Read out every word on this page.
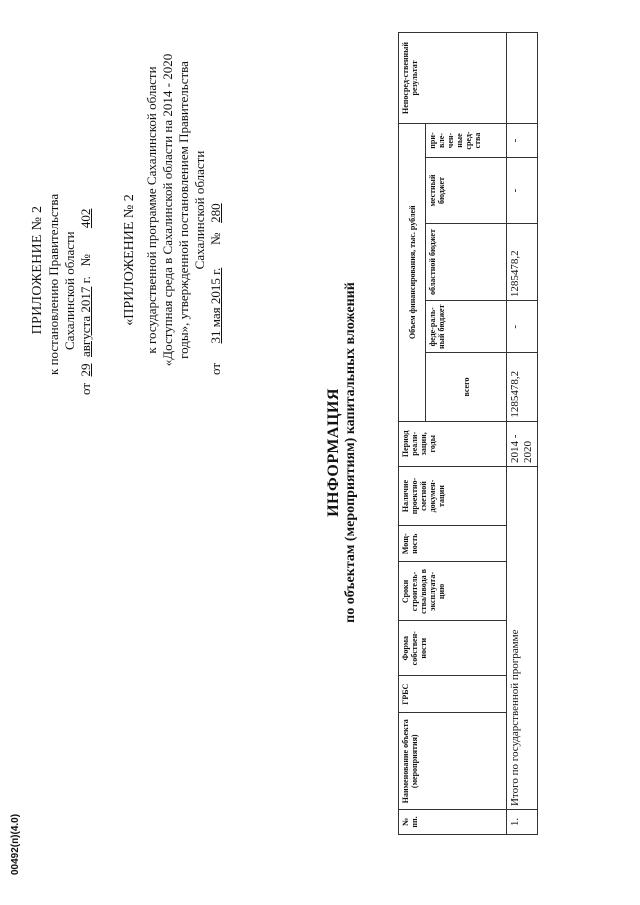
ПРИЛОЖЕНИЕ № 2 к постановлению Правительства Сахалинской области
от  29  августа 2017 г.   №        402 «ПРИЛОЖЕНИЕ № 2 к государственной программе Сахалинской области «Доступная среда в Сахалинской области на 2014 - 2020 годы», утвержденной постановлением Правительства Сахалинской области
от      31 мая 2015 г.       №   280
ИНФОРМАЦИЯ по объектам (мероприятиям) капитальных вложений
№ пп.	Наименование объекта (мероприятия)	ГРБС	Форма собствен-ности	Сроки строитель-ства/ввода в эксплуата-цию	Мощ-ность	Наличие проектно-сметной докумен-тации	Период реали-зации, годы	Объем финансирования, тыс. рублей					Непосред-ственный результат
								всего	феде-раль-ный бюджет	областной бюджет	местный бюджет	при-вле-чен-ные сред-ства	
1.	Итого по государственной программе						2014 - 2020	1285478,2	-	1285478,2	-	-	
00492(п)(4.0)
